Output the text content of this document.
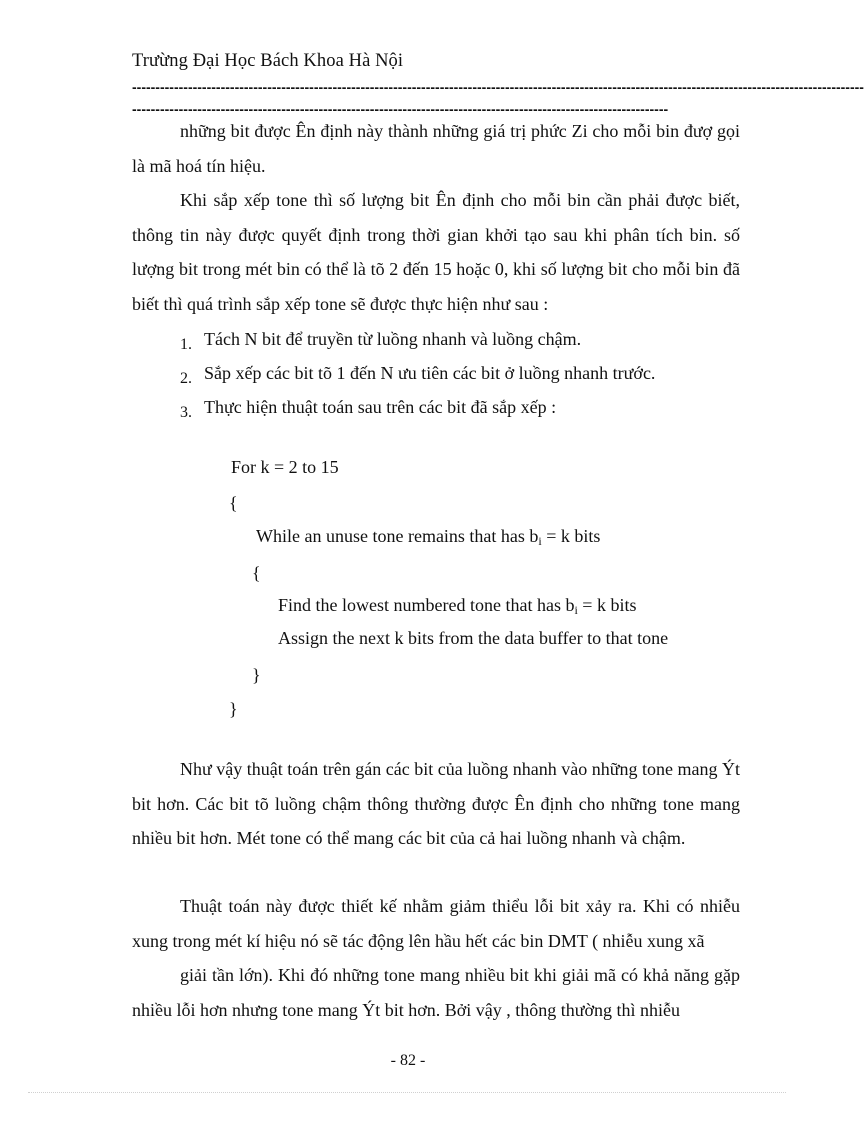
Trưừng Đại Học Bách Khoa Hà Nội
-------------------------------------------------------------------------------------------------------------------------------------------------------------
-------------------------------------------------------------------------------------------------------------------

những bit được Ên định này thành những giá trị phức Zi cho mỗi bin đượ gọi là mã hoá tín hiệu.

Khi sắp xếp tone thì số lượng bit Ên định cho mỗi bin cần phải được biết, thông tin này được quyết định trong thời gian khởi tạo sau khi phân tích bin. số lượng bit trong mét bin có thể là tõ 2 đến 15 hoặc 0, khi số lượng bit cho mỗi bin đã biết thì quá trình sắp xếp tone sẽ được thực hiện như sau :

1. Tách N bit để truyền từ luồng nhanh và luồng chậm.
2. Sắp xếp các bit tõ 1 đến N ưu tiên các bit ở luồng nhanh trước.
3. Thực hiện thuật toán sau trên các bit đã sắp xếp :
For k = 2 to 15
{
While an unuse tone remains that has $b_i = k$ bits
{
Find the lowest numbered tone that has $b_i = k$ bits
Assign the next k bits from the data buffer to that tone
}
}

Như vậy thuật toán trên gán các bit của luồng nhanh vào những tone mang Ýt bit hơn. Các bit tõ luồng chậm thông thường được Ên định cho những tone mang nhiều bit hơn. Mét tone có thể mang các bit của cả hai luồng nhanh và chậm.

Thuật toán này được thiết kế nhằm giảm thiểu lỗi bit xảy ra. Khi có nhiễu xung trong mét kí hiệu nó sẽ tác động lên hầu hết các bin DMT ( nhiễu xung xã

giải tần lớn). Khi đó những tone mang nhiều bit khi giải mã có khả năng gặp nhiều lỗi hơn nhưng tone mang Ýt bit hơn. Bởi vậy , thông thường thì nhiễu

- 82 -
